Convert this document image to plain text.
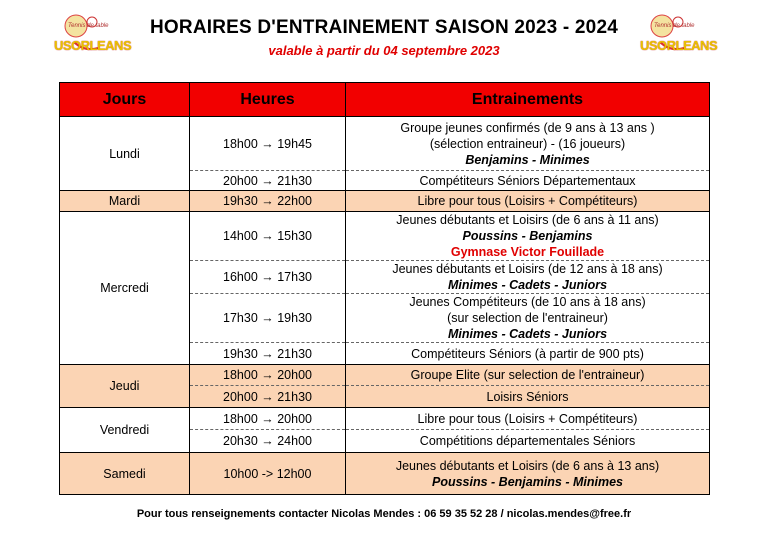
Tennis de table
USORLEANS
Tennis de table
USORLEANS
HORAIRES D'ENTRAINEMENT SAISON 2023 - 2024
valable à partir du 04 septembre 2023
Jours	Heures	Entrainements
Lundi	18h00 → 19h45	Groupe jeunes confirmés (de 9 ans à 13 ans )
(sélection entraineur) - (16 joueurs)
Benjamins - Minimes

	20h00 → 21h30	Compétiteurs Séniors Départementaux

Mardi	19h30 → 22h00	Libre pour tous (Loisirs + Compétiteurs)

Mercredi	14h00 → 15h30	Jeunes débutants et Loisirs (de 6 ans à 11 ans)
Poussins - Benjamins
Gymnase Victor Fouillade

	16h00 → 17h30	Jeunes débutants et Loisirs (de 12 ans à 18 ans)
Minimes - Cadets - Juniors

	17h30 → 19h30	Jeunes Compétiteurs (de 10 ans à 18 ans)
(sur selection de l'entraineur)
Minimes - Cadets - Juniors

	19h30 → 21h30	Compétiteurs Séniors (à partir de 900 pts)

Jeudi	18h00 → 20h00	Groupe Elite (sur selection de l'entraineur)

	20h00 → 21h30	Loisirs Séniors

Vendredi	18h00 → 20h00	Libre pour tous (Loisirs + Compétiteurs)

	20h30 → 24h00	Compétitions départementales Séniors

Samedi	10h00 -> 12h00	Jeunes débutants et Loisirs (de 6 ans à 13 ans)
Poussins - Benjamins - Minimes
Pour tous renseignements contacter Nicolas Mendes : 06 59 35 52 28 / nicolas.mendes@free.fr
